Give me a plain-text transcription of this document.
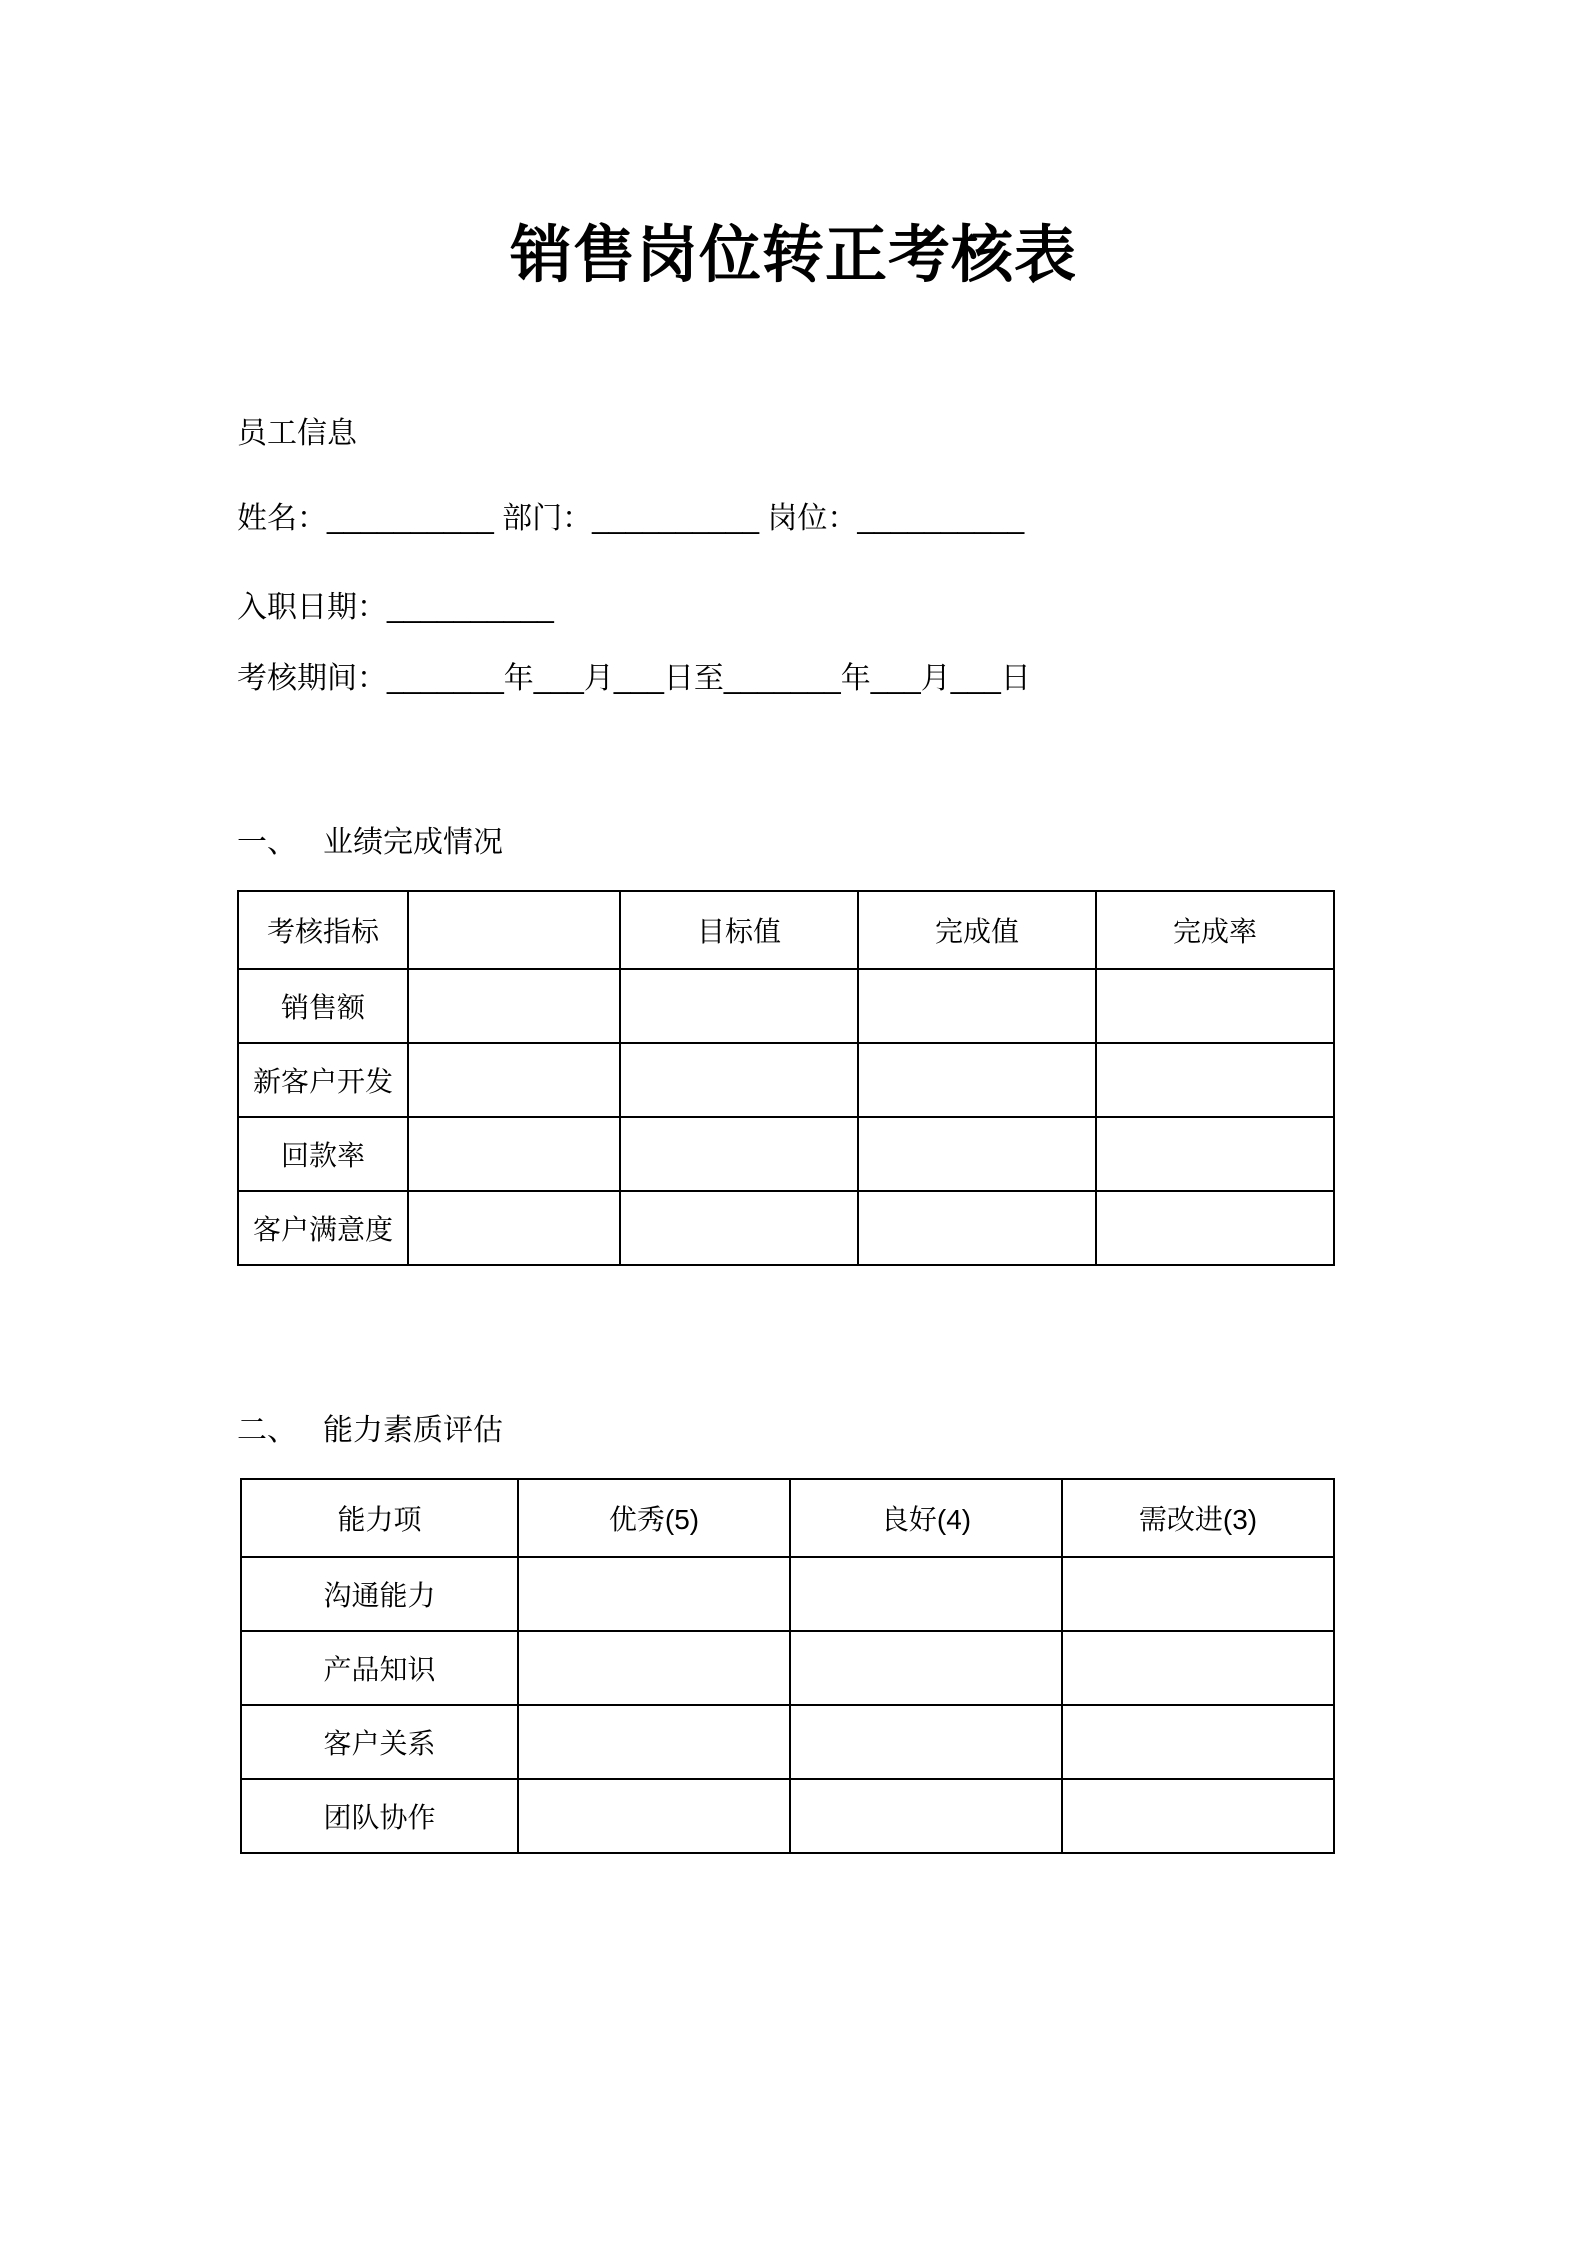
销售岗位转正考核表
员工信息
姓名：__________ 部门：__________ 岗位：__________
入职日期：__________
考核期间：_______年___月___日至_______年___月___日
一、 业绩完成情况
考核指标		目标值	完成值	完成率
销售额				
新客户开发				
回款率				
客户满意度				
二、 能力素质评估
能力项	优秀(5)	良好(4)	需改进(3)
沟通能力			
产品知识			
客户关系			
团队协作			
